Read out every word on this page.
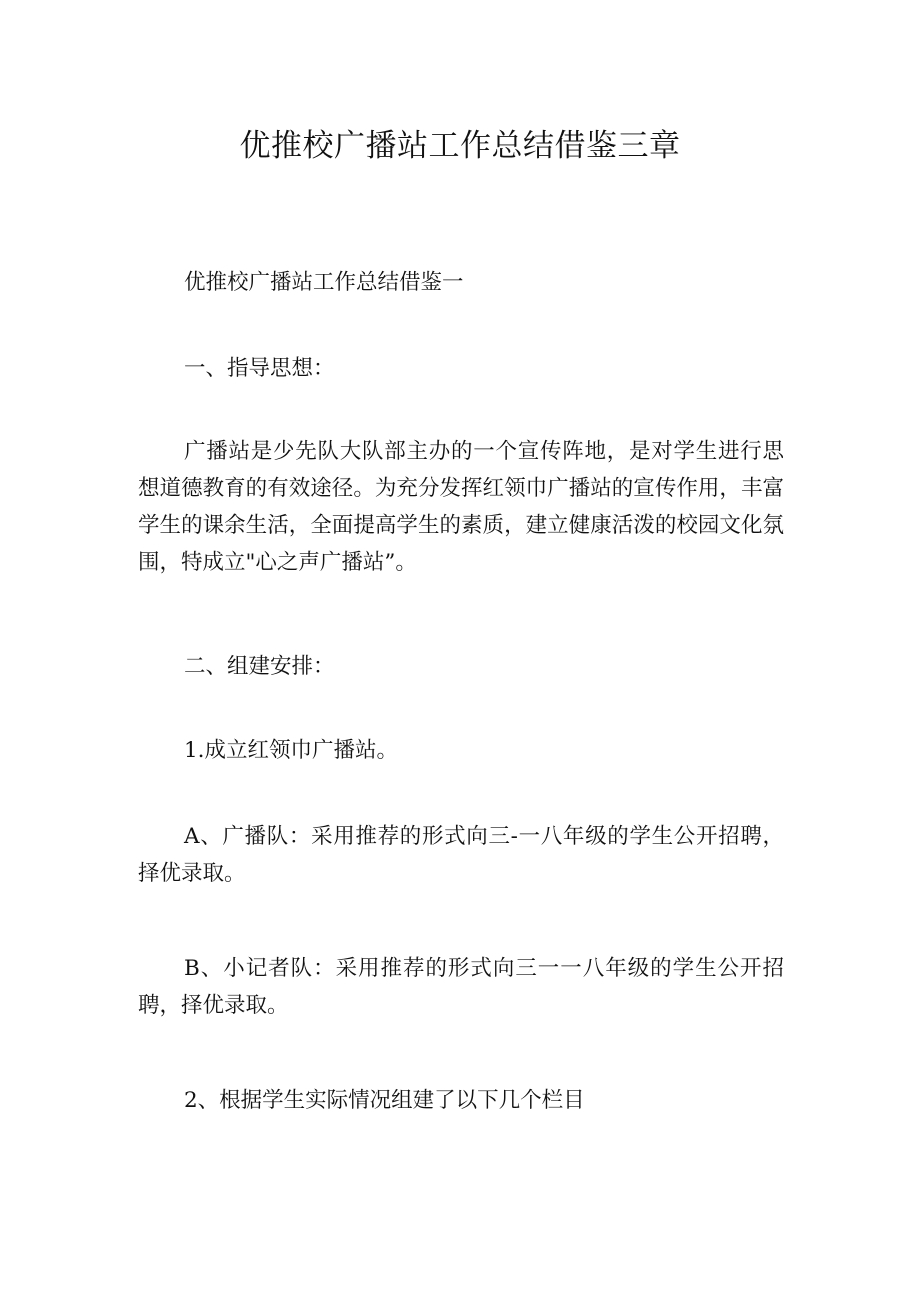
优推校广播站工作总结借鉴三章

优推校广播站工作总结借鉴一

一、指导思想：

广播站是少先队大队部主办的一个宣传阵地，是对学生进行思想道德教育的有效途径。为充分发挥红领巾广播站的宣传作用，丰富学生的课余生活，全面提高学生的素质，建立健康活泼的校园文化氛围，特成立"心之声广播站”。

二、组建安排：

1.成立红领巾广播站。

A、广播队：采用推荐的形式向三-一八年级的学生公开招聘，择优录取。

B、小记者队：采用推荐的形式向三一一八年级的学生公开招聘，择优录取。

2、根据学生实际情况组建了以下几个栏目
